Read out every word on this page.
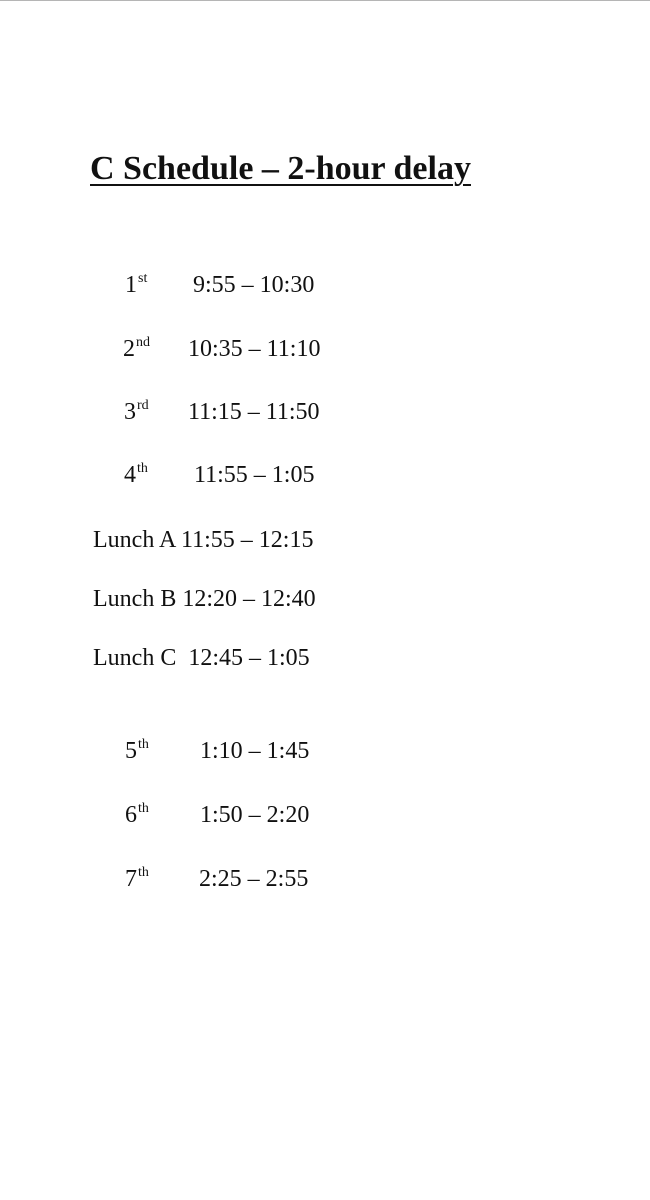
C Schedule – 2-hour delay
1st 9:55 – 10:30
2nd 10:35 – 11:10
3rd 11:15 – 11:50
4th 11:55 – 1:05
Lunch A 11:55 – 12:15
Lunch B 12:20 – 12:40
Lunch C 12:45 – 1:05
5th 1:10 – 1:45
6th 1:50 – 2:20
7th 2:25 – 2:55
